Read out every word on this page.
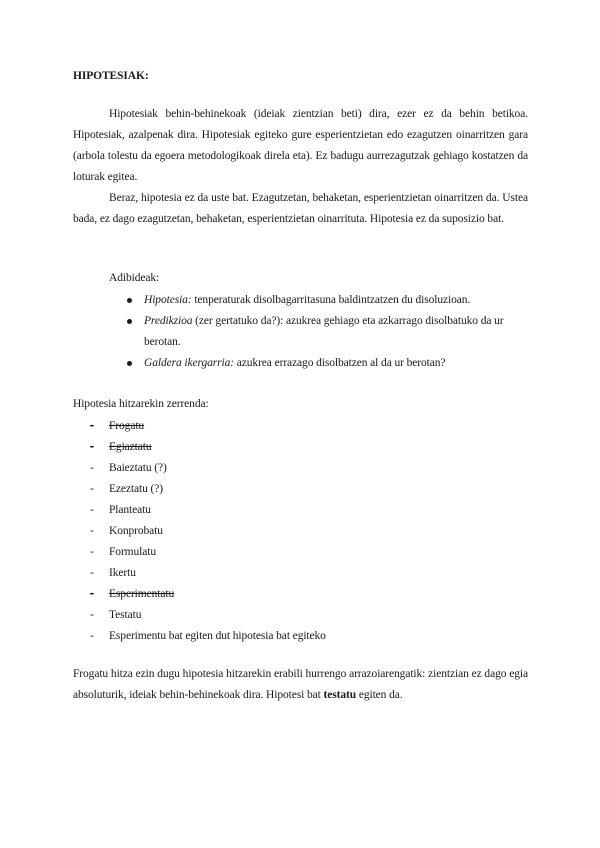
HIPOTESIAK:

Hipotesiak behin-behinekoak (ideiak zientzian beti) dira, ezer ez da behin betikoa. Hipotesiak, azalpenak dira. Hipotesiak egiteko gure esperientzietan edo ezagutzen oinarritzen gara (arbola tolestu da egoera metodologikoak direla eta). Ez badugu aurrezagutzak gehiago kostatzen da loturak egitea.

Beraz, hipotesia ez da uste bat. Ezagutzetan, behaketan, esperientzietan oinarritzen da. Ustea bada, ez dago ezagutzetan, behaketan, esperientzietan oinarrituta. Hipotesia ez da suposizio bat.

Adibideak:
Hipotesia: tenperaturak disolbagarritasuna baldintzatzen du disoluzioan.
Predikzioa (zer gertatuko da?): azukrea gehiago eta azkarrago disolbatuko da ur berotan.
Galdera ikergarria: azukrea errazago disolbatzen al da ur berotan?
Hipotesia hitzarekin zerrenda:
- Frogatu
- Egiaztatu
- Baieztatu (?)
- Ezeztatu (?)
- Planteatu
- Konprobatu
- Formulatu
- Ikertu
- Esperimentatu
- Testatu
- Esperimentu bat egiten dut hipotesia bat egiteko

Frogatu hitza ezin dugu hipotesia hitzarekin erabili hurrengo arrazoiarengatik: zientzian ez dago egia absoluturik, ideiak behin-behinekoak dira. Hipotesi bat testatu egiten da.
